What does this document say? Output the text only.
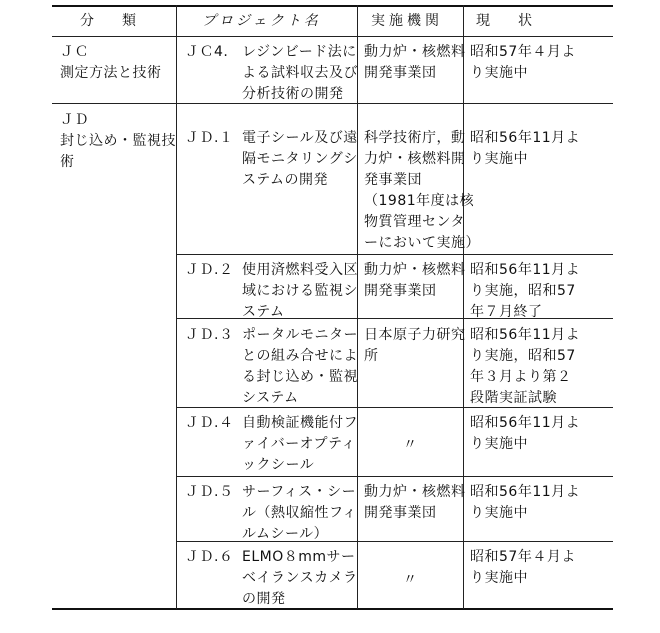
分　　類	プロジェクト名	実施機関 現　　状
ＪＣ
測定方法と技術
ＪＣ4. レジンビード法に
よる試料収去及び
分析技術の開発
動力炉・核燃料
開発事業団
昭和57年４月よ
り実施中
ＪＤ
封じ込め・監視技
術
ＪＤ.１ 電子シール及び遠
隔モニタリングシ
ステムの開発
科学技術庁，動
力炉・核燃料開
発事業団
（1981年度は核
物質管理センタ
ーにおいて実施）
昭和56年11月よ
り実施中
ＪＤ.２ 使用済燃料受入区
域における監視シ
ステム
動力炉・核燃料
開発事業団
昭和56年11月よ
り実施，昭和57
年７月終了
ＪＤ.３ ポータルモニター
との組み合せによ
る封じ込め・監視
システム
日本原子力研究
所
昭和56年11月よ
り実施，昭和57
年３月より第２
段階実証試験
ＪＤ.４ 自動検証機能付フ
ァイバーオプティ
ックシール
〃
昭和56年11月よ
り実施中
ＪＤ.５ サーフィス・シー
ル（熱収縮性フィ
ルムシール）
動力炉・核燃料
開発事業団
昭和56年11月よ
り実施中
ＪＤ.６ ELMO８mmサー
ベイランスカメラ
の開発
〃
昭和57年４月よ
り実施中
